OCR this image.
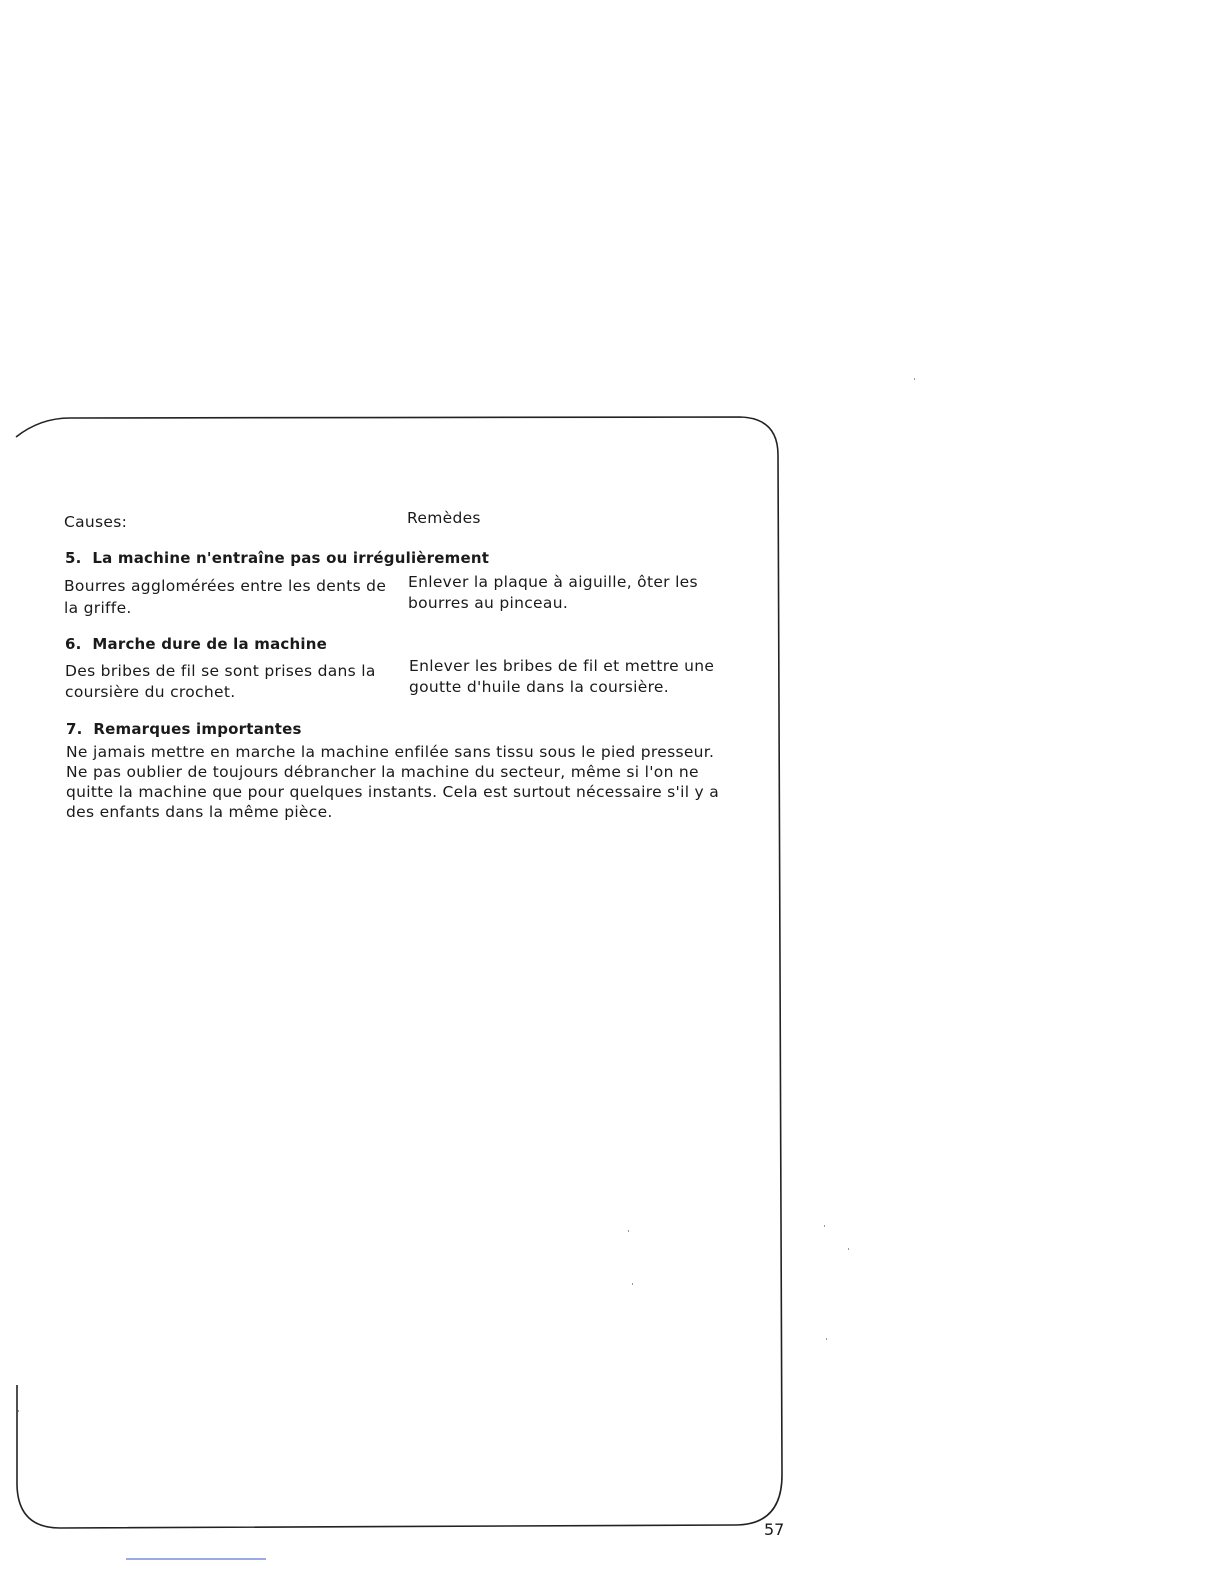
Causes:	Remèdes
5. La machine n'entraîne pas ou irrégulièrement
Bourres agglomérées entre les dents de
la griffe.
Enlever la plaque à aiguille, ôter les
bourres au pinceau.
6. Marche dure de la machine
Des bribes de fil se sont prises dans la
coursière du crochet.
Enlever les bribes de fil et mettre une
goutte d'huile dans la coursière.
7. Remarques importantes
Ne jamais mettre en marche la machine enfilée sans tissu sous le pied presseur.
Ne pas oublier de toujours débrancher la machine du secteur, même si l'on ne
quitte la machine que pour quelques instants. Cela est surtout nécessaire s'il y a
des enfants dans la même pièce.
57
